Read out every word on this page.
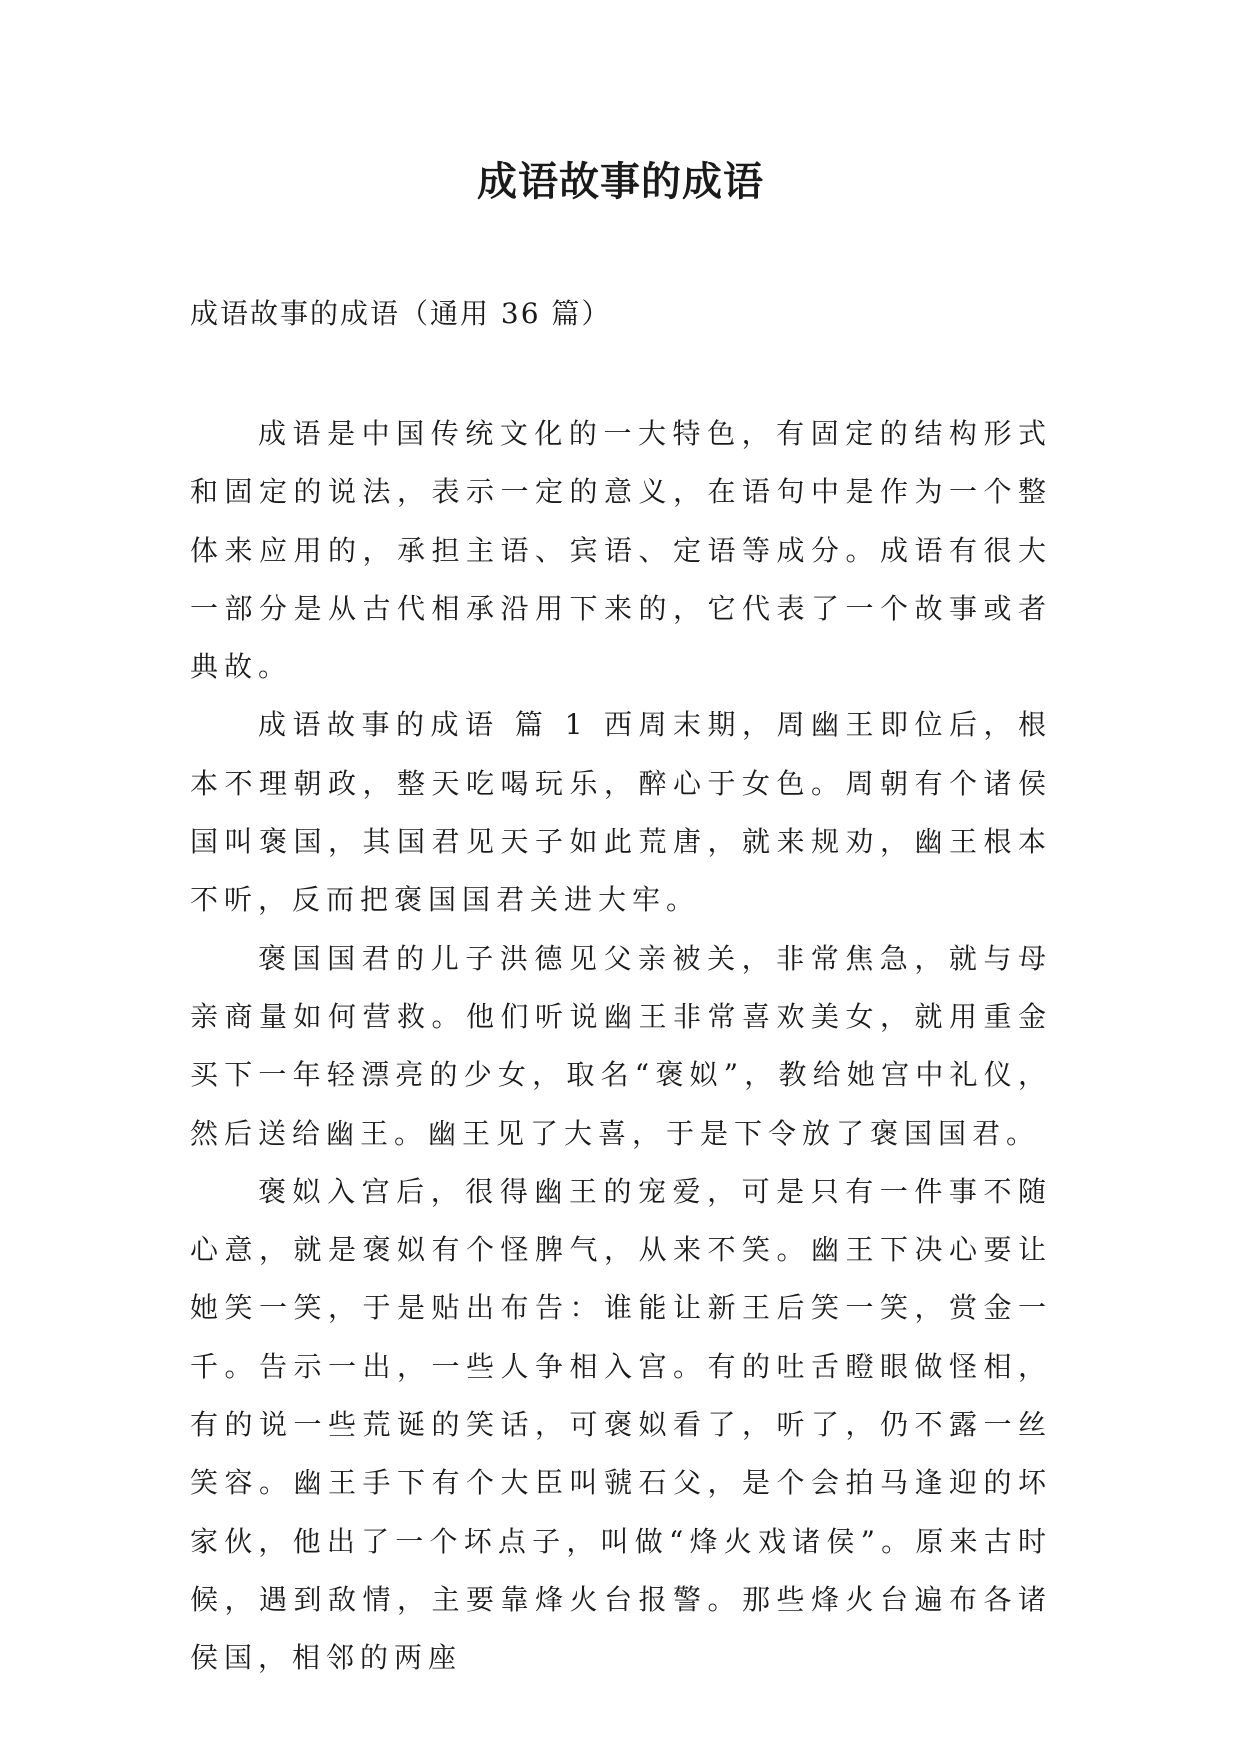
成语故事的成语
成语故事的成语（通用 36 篇）

成语是中国传统文化的一大特色，有固定的结构形式和固定的说法，表示一定的意义，在语句中是作为一个整体来应用的，承担主语、宾语、定语等成分。成语有很大一部分是从古代相承沿用下来的，它代表了一个故事或者典故。

成语故事的成语 篇 1 西周末期，周幽王即位后，根本不理朝政，整天吃喝玩乐，醉心于女色。周朝有个诸侯国叫褒国，其国君见天子如此荒唐，就来规劝，幽王根本不听，反而把褒国国君关进大牢。

褒国国君的儿子洪德见父亲被关，非常焦急，就与母亲商量如何营救。他们听说幽王非常喜欢美女，就用重金买下一年轻漂亮的少女，取名“褒姒”，教给她宫中礼仪，然后送给幽王。幽王见了大喜，于是下令放了褒国国君。

褒姒入宫后，很得幽王的宠爱，可是只有一件事不随心意，就是褒姒有个怪脾气，从来不笑。幽王下决心要让她笑一笑，于是贴出布告：谁能让新王后笑一笑，赏金一千。告示一出，一些人争相入宫。有的吐舌瞪眼做怪相，有的说一些荒诞的笑话，可褒姒看了，听了，仍不露一丝笑容。幽王手下有个大臣叫虢石父，是个会拍马逢迎的坏家伙，他出了一个坏点子，叫做“烽火戏诸侯”。原来古时候，遇到敌情，主要靠烽火台报警。那些烽火台遍布各诸侯国，相邻的两座
